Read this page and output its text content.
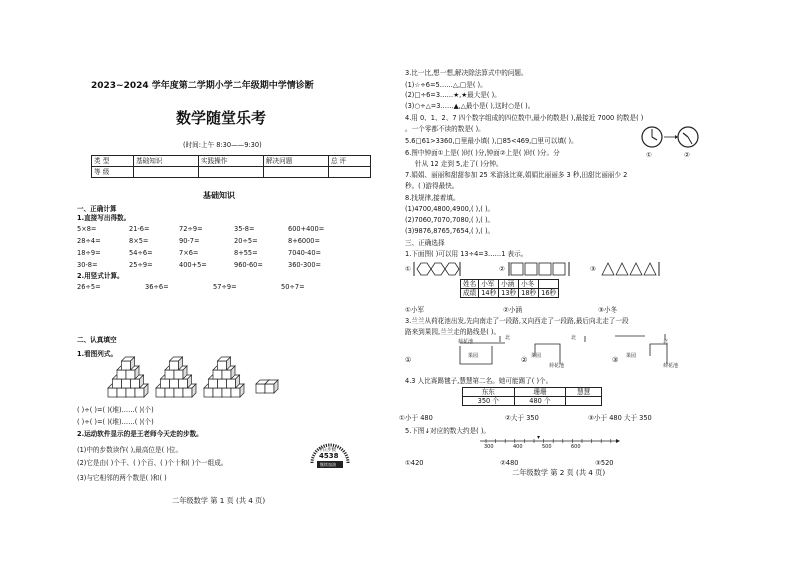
2023~2024 学年度第二学期小学二年级期中学情诊断
数学随堂乐考
(时间:上午 8:30——9:30)
类 型	基础知识	实践操作	解决问题	总 评
等 级				
基础知识
一、正确计算
1.直接写出得数。
5×8=	21-6=	72÷9=	35-8=	600+400=
28÷4=	8×5=	90-7=	20÷5=	8+6000=
18÷9=	54÷6=	7×6=	8+55=	7040-40=
30-8=	25÷9=	400+5=	960-60=	360-300=
2.用竖式计算。
26÷5=	36÷6=	57÷9=	50÷7=
二、认真填空
1.看图列式。
( )÷( )=( )(堆)……( )(个)
( )÷( )=( )(堆)……( )(个)
2.运动软件显示的是王老师今天走的步数。
(1)中的步数读作( ),最高位是( )位。
(2)它是由( )个千、( )个百、( )个十和( )个一组成。
(3)与它相邻的两个数是( )和( )
今日步数
4538
继续加油
二年级数学 第 1 页 (共 4 页)
3.比一比,想一想,解决除法算式中的问题。
(1)☆÷6=5……△,□是( )。
(2)□÷6=3……★,★最大是( )。
(3)○÷△=3……▲,△最小是( ),这时○是( )。
4.用 0、1、2、7 四个数字组成的四位数中,最小的数是( ),最接近 7000 的数是( )
。一个零都不读的数是( )。
5.6□61>3360,□里最小填( ),□85<469,□里可以填( )。
6.图中钟面①上是( )时( )分,钟面②上是( )时( )分。分
针从 12 走到 5,走了( )分钟。
①	②
7.娟娟、丽丽和甜甜参加 25 米游泳比赛,娟娟比丽丽多 3 秒,田甜比丽丽少 2
秒。( )游得最快。
8.找规律,接着填。
(1)4700,4800,4900,( ),( )。
(2)7060,7070,7080,( ),( )。
(3)9876,8765,7654,( ),( )。
三、正确选择
1.下面图( )可以用 13÷4=3……1 表示。
①	②	③
姓名	小军	小涵	小冬	
成绩	14秒	13秒	18秒	16秒
①小军	②小涵	③小冬
3.兰兰从荷花池出发,先向南走了一段路,又向西走了一段路,最后向北走了一段
路来到果园,兰兰走的路线是( )。
①	②	③
荷花池
果园
北
果园
荷花池
北
果园
荷花池
北
4.3 人比赛踢毽子,慧慧第二名。她可能踢了( )个。
东东	珊珊	慧慧
350 个	480 个	
①小于 480	②大于 350	③小于 480 大于 350
5.下图↓对应的数大约是( )。
300	400	500	600
①420	②480	③520
二年级数学 第 2 页 (共 4 页)
